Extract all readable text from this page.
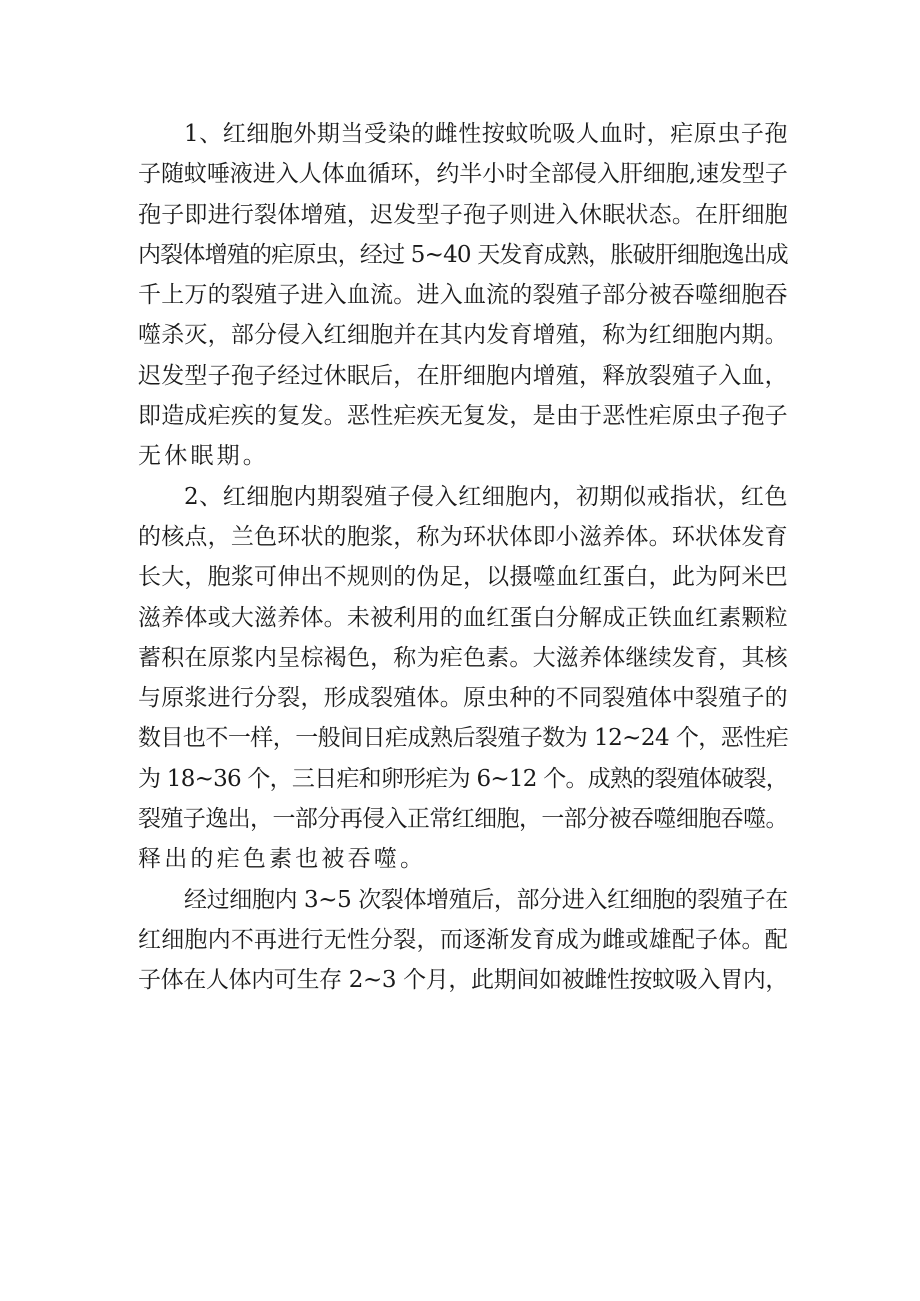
1、红细胞外期当受染的雌性按蚊吮吸人血时，疟原虫子孢
子随蚊唾液进入人体血循环，约半小时全部侵入肝细胞,速发型子
孢子即进行裂体增殖，迟发型子孢子则进入休眠状态。在肝细胞
内裂体增殖的疟原虫，经过 5~40 天发育成熟，胀破肝细胞逸出成
千上万的裂殖子进入血流。进入血流的裂殖子部分被吞噬细胞吞
噬杀灭，部分侵入红细胞并在其内发育增殖，称为红细胞内期。
迟发型子孢子经过休眠后，在肝细胞内增殖，释放裂殖子入血，
即造成疟疾的复发。恶性疟疾无复发，是由于恶性疟原虫子孢子
无休眠期。
2、红细胞内期裂殖子侵入红细胞内，初期似戒指状，红色
的核点，兰色环状的胞浆，称为环状体即小滋养体。环状体发育
长大，胞浆可伸出不规则的伪足，以摄噬血红蛋白，此为阿米巴
滋养体或大滋养体。未被利用的血红蛋白分解成正铁血红素颗粒
蓄积在原浆内呈棕褐色，称为疟色素。大滋养体继续发育，其核
与原浆进行分裂，形成裂殖体。原虫种的不同裂殖体中裂殖子的
数目也不一样，一般间日疟成熟后裂殖子数为 12~24 个，恶性疟
为 18~36 个，三日疟和卵形疟为 6~12 个。成熟的裂殖体破裂，
裂殖子逸出，一部分再侵入正常红细胞，一部分被吞噬细胞吞噬。
释出的疟色素也被吞噬。
经过细胞内 3~5 次裂体增殖后，部分进入红细胞的裂殖子在
红细胞内不再进行无性分裂，而逐渐发育成为雌或雄配子体。配
子体在人体内可生存 2~3 个月，此期间如被雌性按蚊吸入胃内，
